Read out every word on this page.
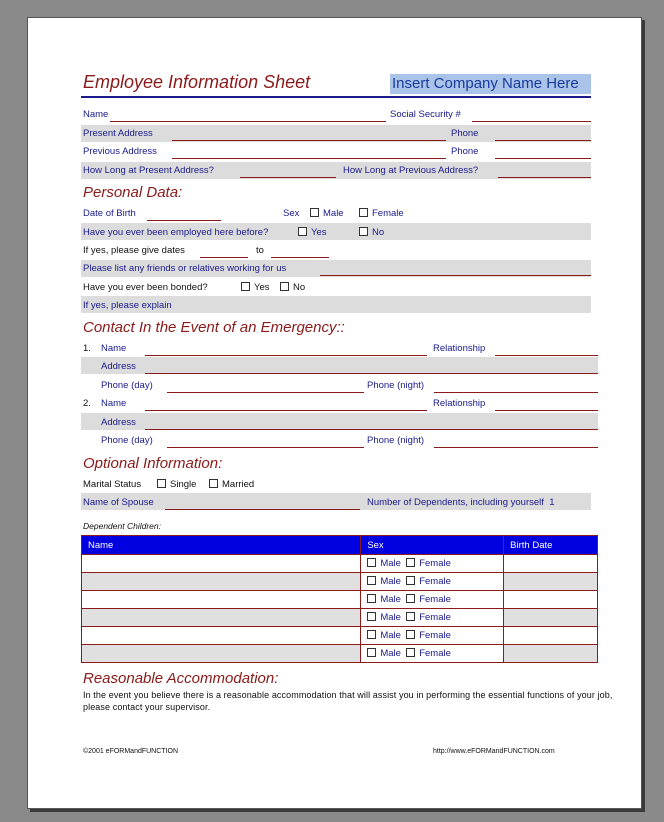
Employee Information Sheet	Insert Company Name Here
Name	Social Security #
Present Address	Phone
Previous Address	Phone
How Long at Present Address?	How Long at Previous Address?
Personal Data:
Date of Birth	Sex	Male	Female
Have you ever been employed here before?	Yes	No
If yes, please give dates	to
Please list any friends or relatives working for us
Have you ever been bonded?	Yes	No
If yes, please explain
Contact In the Event of an Emergency::
1. Name	Relationship
Address
Phone (day)	Phone (night)
2. Name	Relationship
Address
Phone (day)	Phone (night)
Optional Information:
Marital Status	Single	Married
Name of Spouse	Number of Dependents, including yourself 1
Dependent Children:
Name	Sex	Birth Date
	Male Female	
	Male Female	
	Male Female	
	Male Female	
	Male Female	
	Male Female	
Reasonable Accommodation:
In the event you believe there is a reasonable accommodation that will assist you in performing the essential functions of your job, please contact your supervisor.
©2001 eFORMandFUNCTION	http://www.eFORMandFUNCTION.com
